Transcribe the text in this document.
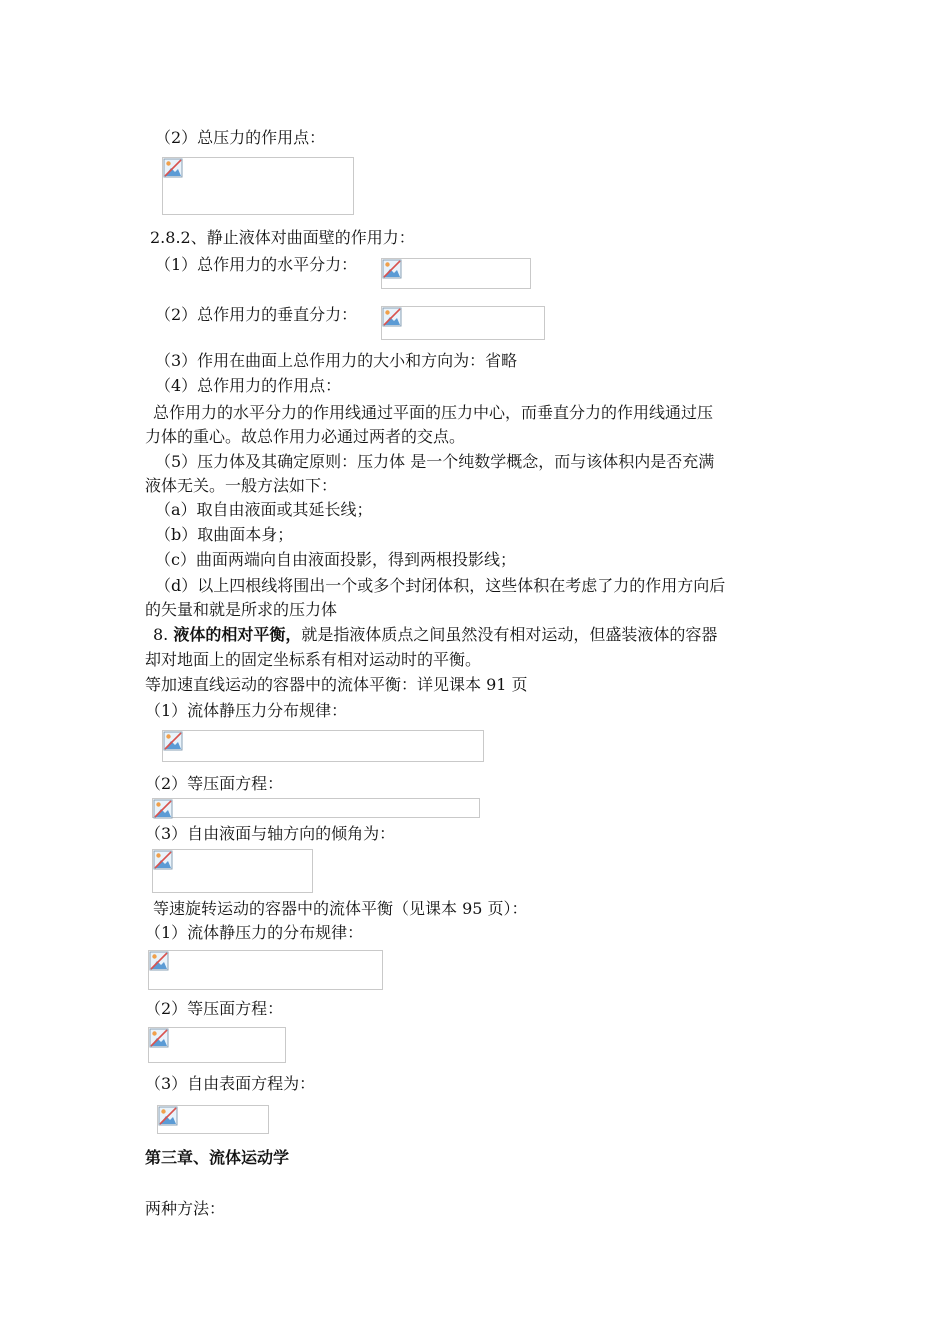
（2）总压力的作用点：
2.8.2、静止液体对曲面壁的作用力：
（1）总作用力的水平分力：
（2）总作用力的垂直分力：
（3）作用在曲面上总作用力的大小和方向为：省略
（4）总作用力的作用点：
总作用力的水平分力的作用线通过平面的压力中心，而垂直分力的作用线通过压
力体的重心。故总作用力必通过两者的交点。
（5）压力体及其确定原则：压力体 是一个纯数学概念，而与该体积内是否充满
液体无关。一般方法如下：
（a）取自由液面或其延长线；
（b）取曲面本身；
（c）曲面两端向自由液面投影，得到两根投影线；
（d）以上四根线将围出一个或多个封闭体积，这些体积在考虑了力的作用方向后
的矢量和就是所求的压力体
8. 液体的相对平衡，就是指液体质点之间虽然没有相对运动，但盛装液体的容器
却对地面上的固定坐标系有相对运动时的平衡。
等加速直线运动的容器中的流体平衡：详见课本 91 页
（1）流体静压力分布规律：
（2）等压面方程：
（3）自由液面与轴方向的倾角为：
等速旋转运动的容器中的流体平衡（见课本 95 页）：
（1）流体静压力的分布规律：
（2）等压面方程：
（3）自由表面方程为：
第三章、流体运动学
两种方法：
